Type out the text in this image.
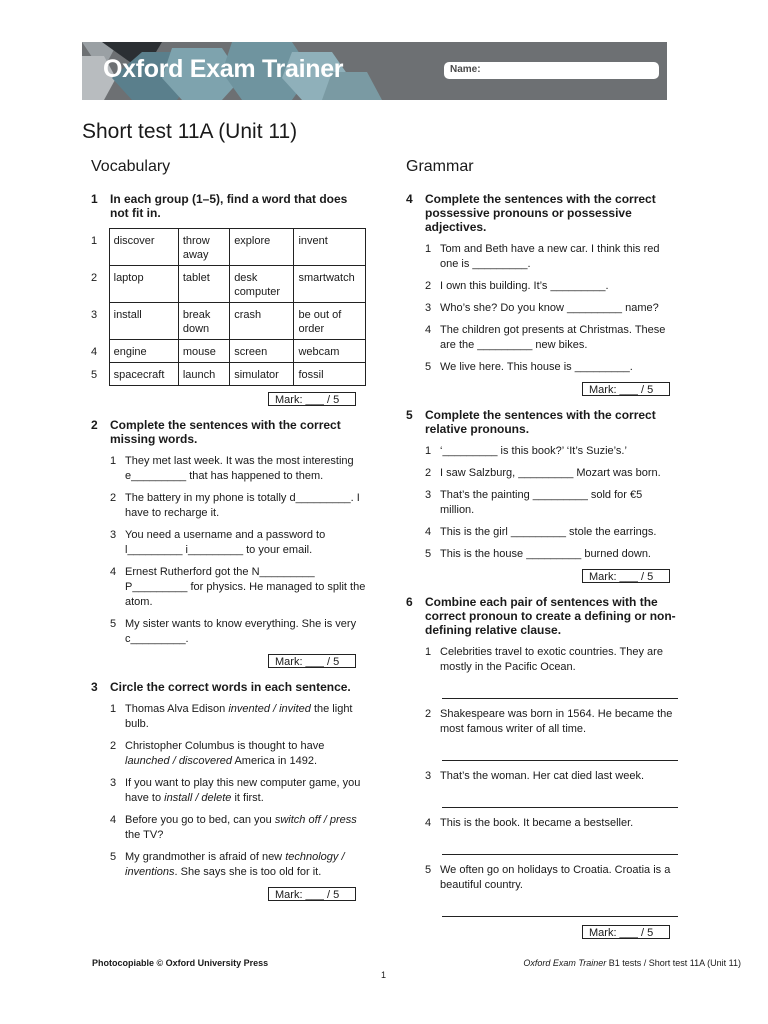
Oxford Exam Trainer	Name:
Short test 11A (Unit 11)
Vocabulary
1	In each group (1–5), find a word that does not fit in.
1	discover	throw away	explore	invent
2	laptop	tablet	desk computer	smartwatch
3	install	break down	crash	be out of order
4	engine	mouse	screen	webcam
5	spacecraft	launch	simulator	fossil
Mark: ___ / 5
2	Complete the sentences with the correct missing words.
1 They met last week. It was the most interesting e_________ that has happened to them.
2 The battery in my phone is totally d_________. I have to recharge it.
3 You need a username and a password to l_________ i_________ to your email.
4 Ernest Rutherford got the N_________ P_________ for physics. He managed to split the atom.
5 My sister wants to know everything. She is very c_________.
Mark: ___ / 5
3	Circle the correct words in each sentence.
1 Thomas Alva Edison invented / invited the light bulb.
2 Christopher Columbus is thought to have launched / discovered America in 1492.
3 If you want to play this new computer game, you have to install / delete it first.
4 Before you go to bed, can you switch off / press the TV?
5 My grandmother is afraid of new technology / inventions. She says she is too old for it.
Mark: ___ / 5
Grammar
4	Complete the sentences with the correct possessive pronouns or possessive adjectives.
1 Tom and Beth have a new car. I think this red one is _________.
2 I own this building. It’s _________.
3 Who’s she? Do you know _________ name?
4 The children got presents at Christmas. These are the _________ new bikes.
5 We live here. This house is _________.
Mark: ___ / 5
5	Complete the sentences with the correct relative pronouns.
1 ‘_________ is this book?’ ‘It’s Suzie’s.’
2 I saw Salzburg, _________ Mozart was born.
3 That’s the painting _________ sold for €5 million.
4 This is the girl _________ stole the earrings.
5 This is the house _________ burned down.
Mark: ___ / 5
6	Combine each pair of sentences with the correct pronoun to create a defining or non-defining relative clause.
1 Celebrities travel to exotic countries. They are mostly in the Pacific Ocean.
2 Shakespeare was born in 1564. He became the most famous writer of all time.
3 That’s the woman. Her cat died last week.
4 This is the book. It became a bestseller.
5 We often go on holidays to Croatia. Croatia is a beautiful country.
Mark: ___ / 5
Photocopiable © Oxford University Press	Oxford Exam Trainer B1 tests / Short test 11A (Unit 11)
1
